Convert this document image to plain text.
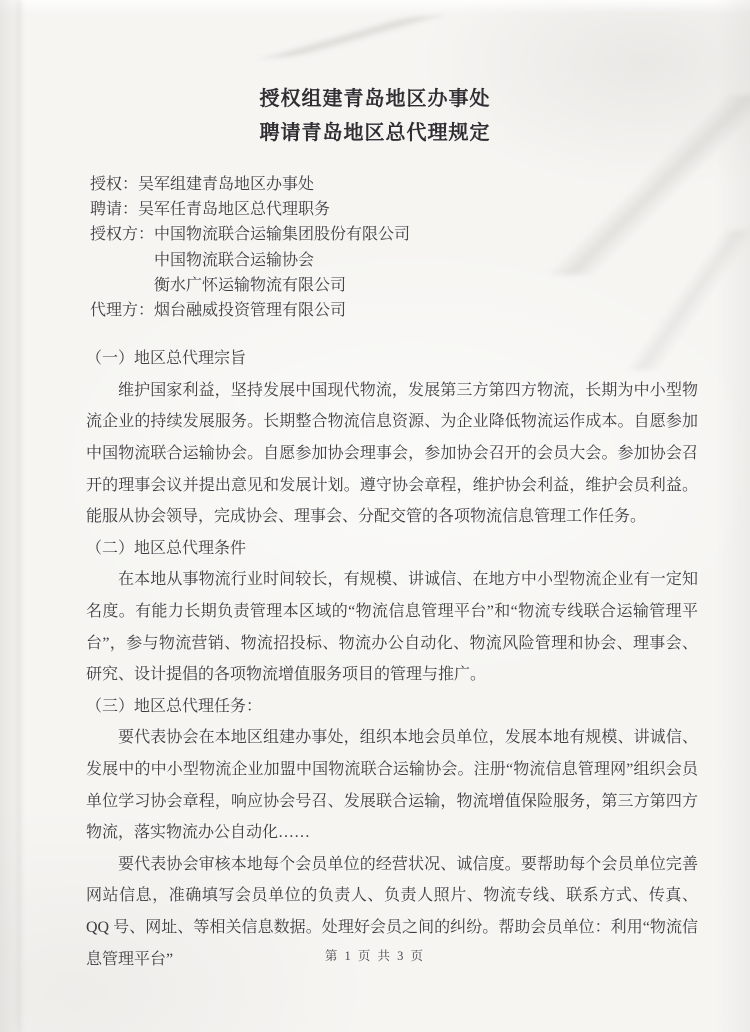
授权组建青岛地区办事处
聘请青岛地区总代理规定

授权：吴军组建青岛地区办事处

聘请：吴军任青岛地区总代理职务

授权方：中国物流联合运输集团股份有限公司

中国物流联合运输协会

衡水广怀运输物流有限公司

代理方：烟台融威投资管理有限公司

（一）地区总代理宗旨

维护国家利益，坚持发展中国现代物流，发展第三方第四方物流，长期为中小型物流企业的持续发展服务。长期整合物流信息资源、为企业降低物流运作成本。自愿参加中国物流联合运输协会。自愿参加协会理事会，参加协会召开的会员大会。参加协会召开的理事会议并提出意见和发展计划。遵守协会章程，维护协会利益，维护会员利益。能服从协会领导，完成协会、理事会、分配交管的各项物流信息管理工作任务。

（二）地区总代理条件

在本地从事物流行业时间较长，有规模、讲诚信、在地方中小型物流企业有一定知名度。有能力长期负责管理本区域的“物流信息管理平台”和“物流专线联合运输管理平台”，参与物流营销、物流招投标、物流办公自动化、物流风险管理和协会、理事会、研究、设计提倡的各项物流增值服务项目的管理与推广。

（三）地区总代理任务：

要代表协会在本地区组建办事处，组织本地会员单位，发展本地有规模、讲诚信、发展中的中小型物流企业加盟中国物流联合运输协会。注册“物流信息管理网”组织会员单位学习协会章程，响应协会号召、发展联合运输，物流增值保险服务，第三方第四方物流，落实物流办公自动化……

要代表协会审核本地每个会员单位的经营状况、诚信度。要帮助每个会员单位完善网站信息，准确填写会员单位的负责人、负责人照片、物流专线、联系方式、传真、QQ 号、网址、等相关信息数据。处理好会员之间的纠纷。帮助会员单位：利用“物流信息管理平台”	第 1 页 共 3 页
